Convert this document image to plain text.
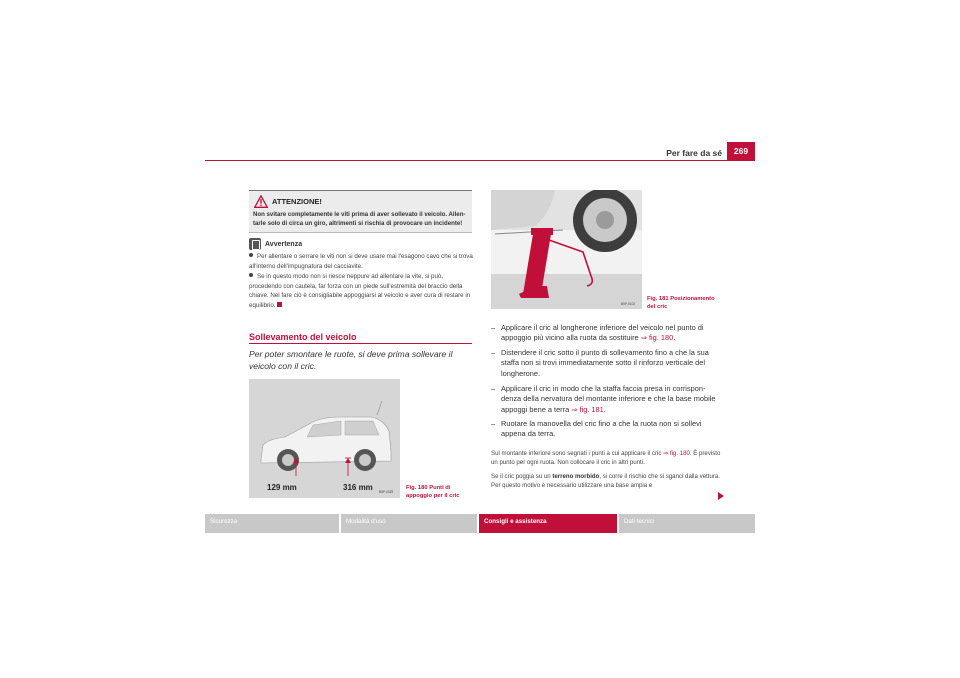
Per fare da sé	269
ATTENZIONE!
Non svitare completamente le viti prima di aver sollevato il veicolo. Allen-tarle solo di circa un giro, altrimenti si rischia di provocare un incidente!
Avvertenza
Per allentare o serrare le viti non si deve usare mai l'esagono cavo che si trova all'interno dell'impugnatura del cacciavite.
Se in questo modo non si riesce neppure ad allentare la vite, si può, procedendo con cautela, far forza con un piede sull'estremità del braccio della chiave. Nel fare ciò è consigliabile appoggiarsi al veicolo e aver cura di restare in equilibrio.
Sollevamento del veicolo
Per poter smontare le ruote, si deve prima sollevare il veicolo con il cric.
129 mm	316 mm B5P-0325
Fig. 180 Punti di appoggio per il cric
B5P-0102
Fig. 181 Posizionamento del cric
– Applicare il cric al longherone inferiore del veicolo nel punto di appoggio più vicino alla ruota da sostituire ⇒ fig. 180.
– Distendere il cric sotto il punto di sollevamento fino a che la sua staffa non si trovi immediatamente sotto il rinforzo verticale del longherone.
– Applicare il cric in modo che la staffa faccia presa in corrispon-denza della nervatura del montante inferiore e che la base mobile appoggi bene a terra ⇒ fig. 181.
– Ruotare la manovella del cric fino a che la ruota non si sollevi appena da terra.
Sul montante inferiore sono segnati i punti a cui applicare il cric ⇒ fig. 180. È previsto un punto per ogni ruota. Non collocare il cric in altri punti.
Se il cric poggia su un terreno morbido, si corre il rischio che si sganci dalla vettura. Per questo motivo è necessario utilizzare una base ampia e
Sicurezza	Modalità d'uso	Consigli e assistenza	Dati tecnici
